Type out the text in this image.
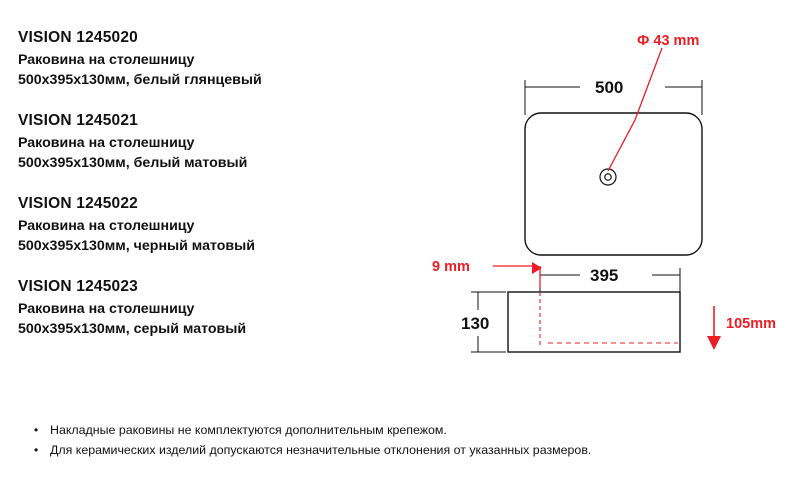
VISION 1245020
Раковина на столешницу
500x395x130мм, белый глянцевый
VISION 1245021
Раковина на столешницу
500x395x130мм, белый матовый
VISION 1245022
Раковина на столешницу
500x395x130мм, черный матовый
VISION 1245023
Раковина на столешницу
500x395x130мм, серый матовый
• Накладные раковины не комплектуются дополнительным крепежом.
• Для керамических изделий допускаются незначительные отклонения от указанных размеров.
500
Ф 43 mm
395
9 mm
105mm
130
